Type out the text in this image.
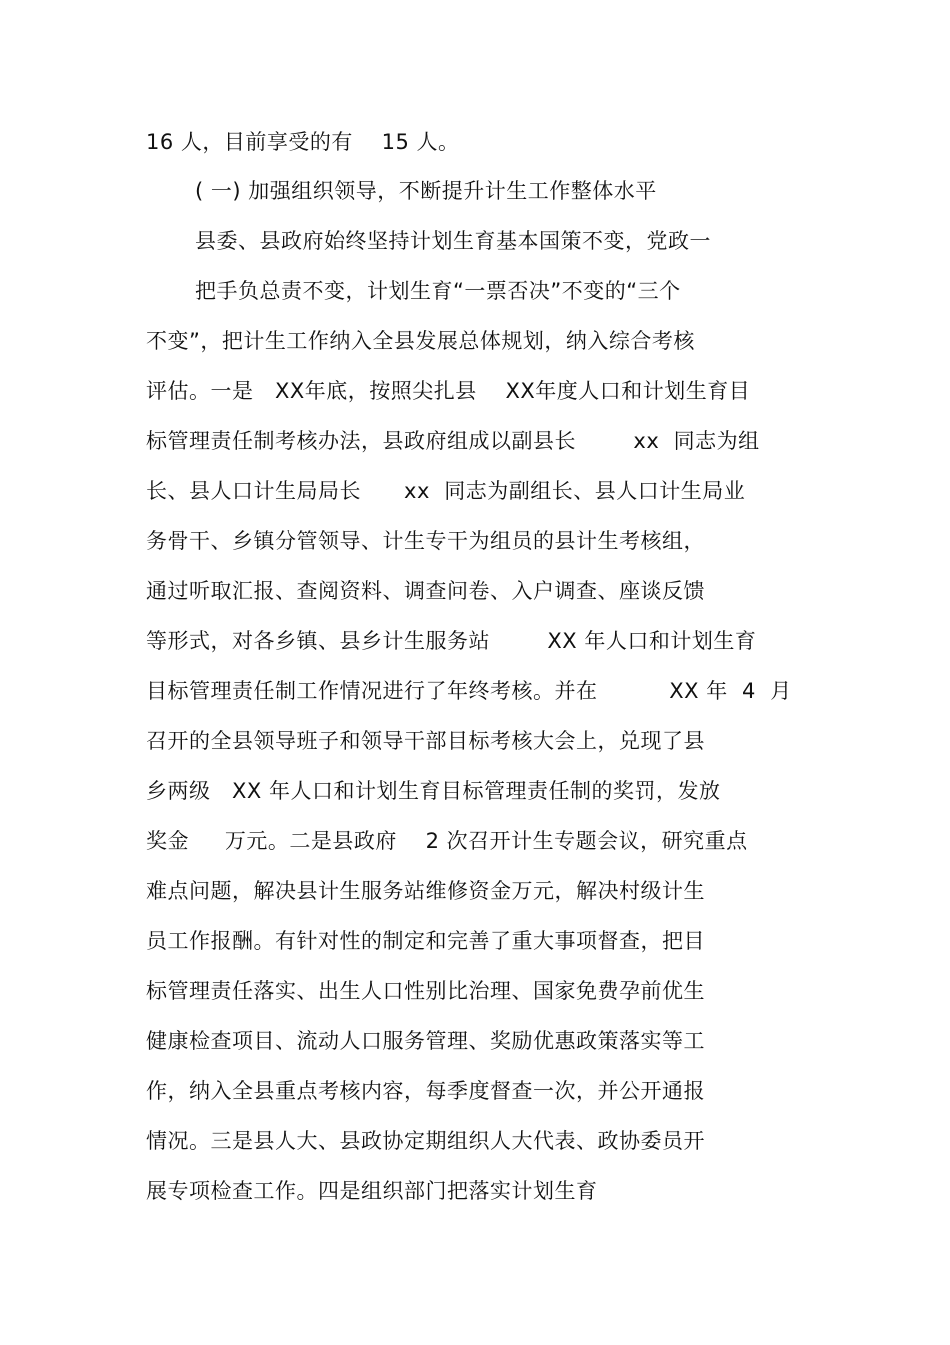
16 人，目前享受的有    15 人。

( 一) 加强组织领导，不断提升计生工作整体水平

县委、县政府始终坚持计划生育基本国策不变，党政一

把手负总责不变，计划生育“一票否决”不变的“三个

不变”，把计生工作纳入全县发展总体规划，纳入综合考核

评估。一是   XX年底，按照尖扎县    XX年度人口和计划生育目

标管理责任制考核办法，县政府组成以副县长        xx  同志为组

长、县人口计生局局长      xx  同志为副组长、县人口计生局业

务骨干、乡镇分管领导、计生专干为组员的县计生考核组，

通过听取汇报、查阅资料、调查问卷、入户调查、座谈反馈

等形式，对各乡镇、县乡计生服务站        XX 年人口和计划生育

目标管理责任制工作情况进行了年终考核。并在          XX 年  4  月

召开的全县领导班子和领导干部目标考核大会上，兑现了县

乡两级   XX 年人口和计划生育目标管理责任制的奖罚，发放

奖金     万元。二是县政府    2 次召开计生专题会议，研究重点

难点问题，解决县计生服务站维修资金万元，解决村级计生

员工作报酬。有针对性的制定和完善了重大事项督查，把目

标管理责任落实、出生人口性别比治理、国家免费孕前优生

健康检查项目、流动人口服务管理、奖励优惠政策落实等工

作，纳入全县重点考核内容，每季度督查一次，并公开通报

情况。三是县人大、县政协定期组织人大代表、政协委员开

展专项检查工作。四是组织部门把落实计划生育
